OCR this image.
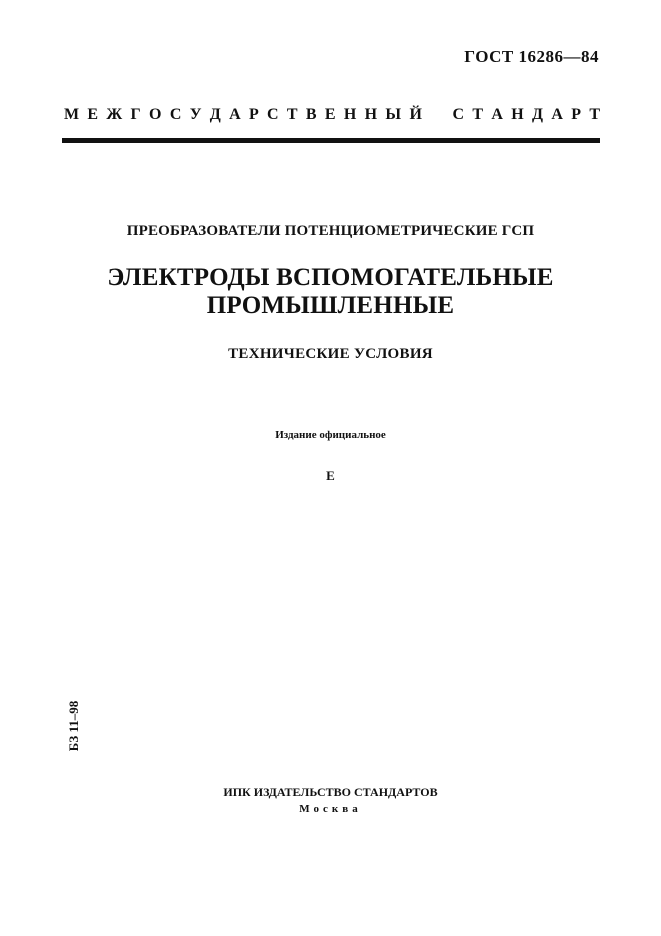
ГОСТ 16286—84
М Е Ж Г О С У Д А Р С Т В Е Н Н Ы Й С Т А Н Д А Р Т
ПРЕОБРАЗОВАТЕЛИ ПОТЕНЦИОМЕТРИЧЕСКИЕ ГСП
ЭЛЕКТРОДЫ ВСПОМОГАТЕЛЬНЫЕ
ПРОМЫШЛЕННЫЕ
ТЕХНИЧЕСКИЕ УСЛОВИЯ
Издание официальное
Е
БЗ 11–98
ИПК ИЗДАТЕЛЬСТВО СТАНДАРТОВ
Москва
